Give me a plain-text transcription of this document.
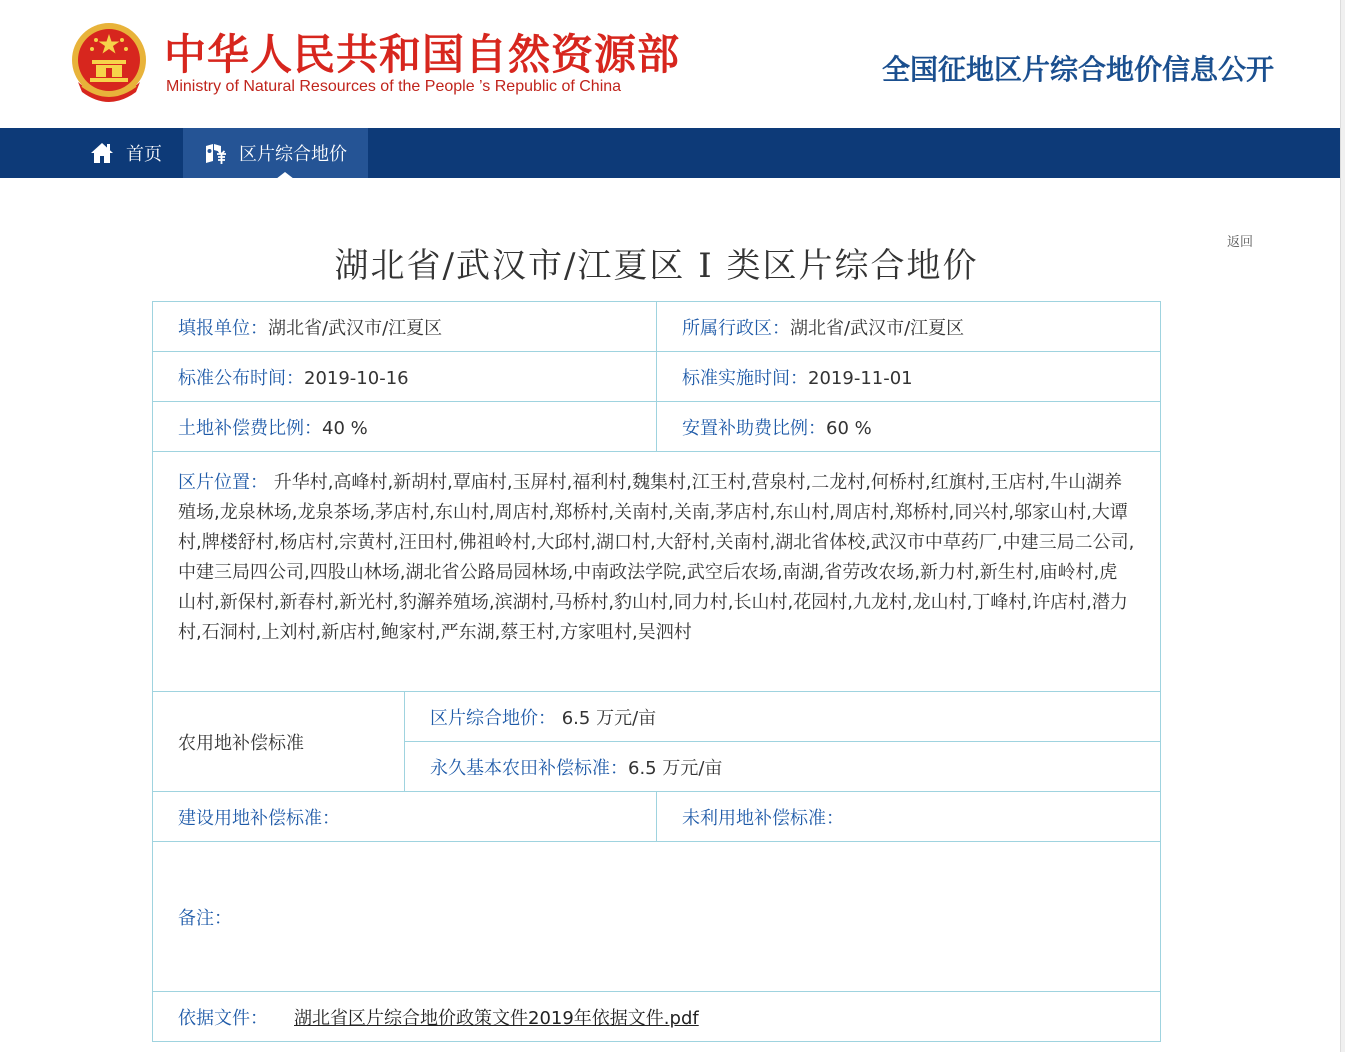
中华人民共和国自然资源部
Ministry of Natural Resources of the People ’s Republic of China
全国征地区片综合地价信息公开
首页	区片综合地价
返回
湖北省/武汉市/江夏区 I 类区片综合地价
填报单位：湖北省/武汉市/江夏区		所属行政区：湖北省/武汉市/江夏区
标准公布时间：2019-10-16		标准实施时间：2019-11-01
土地补偿费比例：40 %		安置补助费比例：60 %

区片位置： 升华村,高峰村,新胡村,覃庙村,玉屏村,福利村,魏集村,江王村,营泉村,二龙村,何桥村,红旗村,王店村,牛山湖养殖场,龙泉林场,龙泉茶场,茅店村,东山村,周店村,郑桥村,关南村,关南,茅店村,东山村,周店村,郑桥村,同兴村,邬家山村,大谭村,牌楼舒村,杨店村,宗黄村,汪田村,佛祖岭村,大邱村,湖口村,大舒村,关南村,湖北省体校,武汉市中草药厂,中建三局二公司,中建三局四公司,四股山林场,湖北省公路局园林场,中南政法学院,武空后农场,南湖,省劳改农场,新力村,新生村,庙岭村,虎山村,新保村,新春村,新光村,豹澥养殖场,滨湖村,马桥村,豹山村,同力村,长山村,花园村,九龙村,龙山村,丁峰村,许店村,潜力村,石洞村,上刘村,新店村,鲍家村,严东湖,蔡王村,方家咀村,吴泗村		

农用地补偿标准	区片综合地价： 6.5 万元/亩	
	永久基本农田补偿标准：6.5 万元/亩	
建设用地补偿标准：		未利用地补偿标准：
备注：		
依据文件： 湖北省区片综合地价政策文件2019年依据文件.pdf		
